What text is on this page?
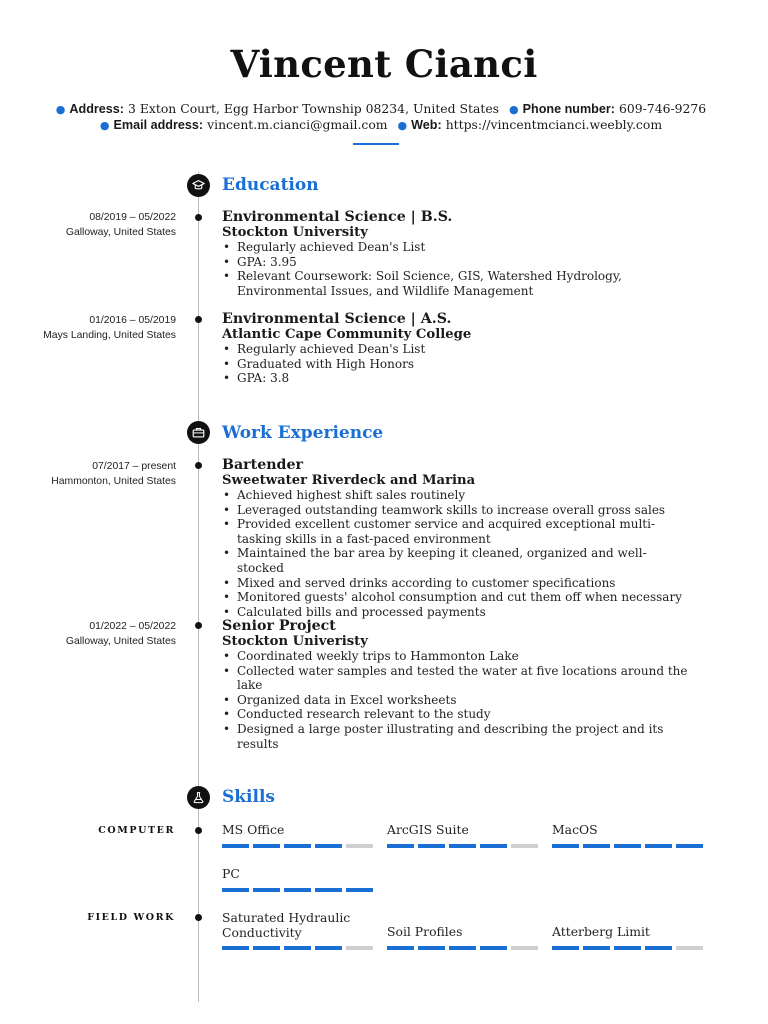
Vincent Cianci
● Address: 3 Exton Court, Egg Harbor Township 08234, United States ● Phone number: 609-746-9276
● Email address: vincent.m.cianci@gmail.com ● Web: https://vincentmcianci.weebly.com
Education
08/2019 – 05/2022
Galloway, United States
Environmental Science | B.S.
Stockton University
• Regularly achieved Dean's List
• GPA: 3.95
• Relevant Coursework: Soil Science, GIS, Watershed Hydrology, Environmental Issues, and Wildlife Management
01/2016 – 05/2019
Mays Landing, United States
Environmental Science | A.S.
Atlantic Cape Community College
• Regularly achieved Dean's List
• Graduated with High Honors
• GPA: 3.8
Work Experience
07/2017 – present
Hammonton, United States
Bartender
Sweetwater Riverdeck and Marina
• Achieved highest shift sales routinely
• Leveraged outstanding teamwork skills to increase overall gross sales
• Provided excellent customer service and acquired exceptional multi-tasking skills in a fast-paced environment
• Maintained the bar area by keeping it cleaned, organized and well-stocked
• Mixed and served drinks according to customer specifications
• Monitored guests' alcohol consumption and cut them off when necessary
• Calculated bills and processed payments
01/2022 – 05/2022
Galloway, United States
Senior Project
Stockton Univeristy
• Coordinated weekly trips to Hammonton Lake
• Collected water samples and tested the water at five locations around the lake
• Organized data in Excel worksheets
• Conducted research relevant to the study
• Designed a large poster illustrating and describing the project and its results
Skills
COMPUTER	MS Office	ArcGIS Suite	MacOS
PC
FIELD WORK	Saturated Hydraulic Conductivity	Soil Profiles	Atterberg Limit
